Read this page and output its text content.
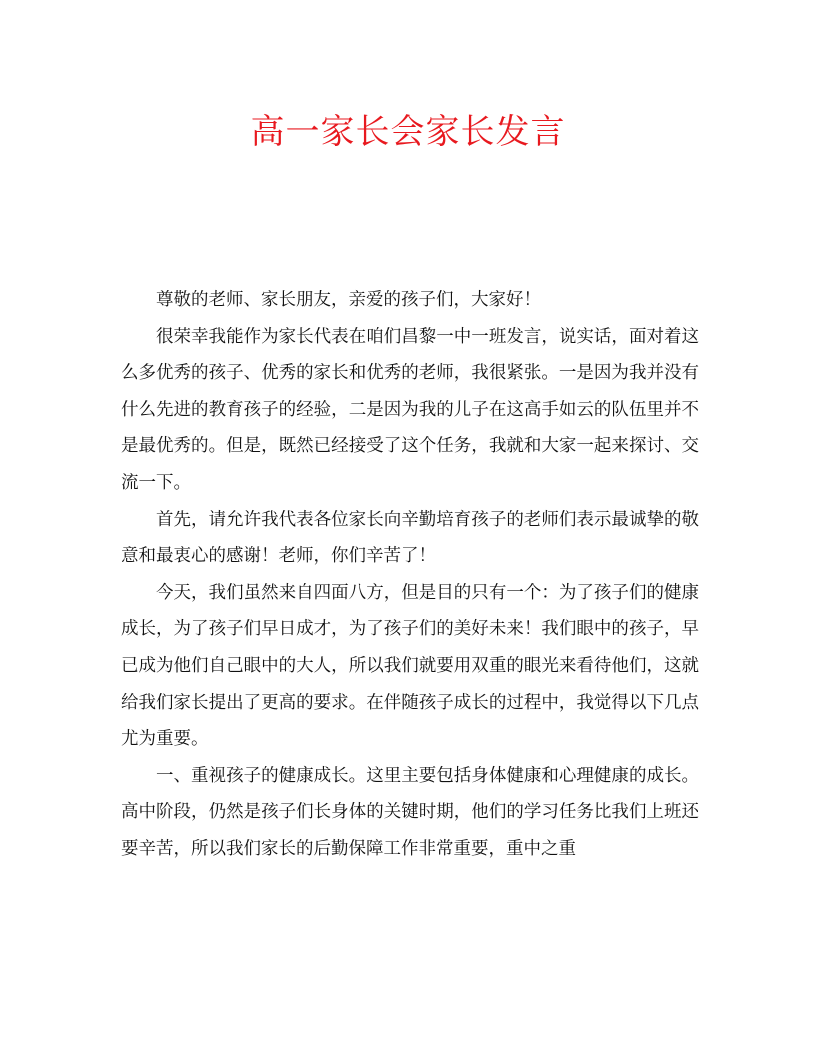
高一家长会家长发言

尊敬的老师、家长朋友，亲爱的孩子们，大家好！

很荣幸我能作为家长代表在咱们昌黎一中一班发言，说实话，面对着这么多优秀的孩子、优秀的家长和优秀的老师，我很紧张。一是因为我并没有什么先进的教育孩子的经验，二是因为我的儿子在这高手如云的队伍里并不是最优秀的。但是，既然已经接受了这个任务，我就和大家一起来探讨、交流一下。

首先，请允许我代表各位家长向辛勤培育孩子的老师们表示最诚挚的敬意和最衷心的感谢！老师，你们辛苦了！

今天，我们虽然来自四面八方，但是目的只有一个：为了孩子们的健康成长，为了孩子们早日成才，为了孩子们的美好未来！我们眼中的孩子，早已成为他们自己眼中的大人，所以我们就要用双重的眼光来看待他们，这就给我们家长提出了更高的要求。在伴随孩子成长的过程中，我觉得以下几点尤为重要。

一、重视孩子的健康成长。这里主要包括身体健康和心理健康的成长。高中阶段，仍然是孩子们长身体的关键时期，他们的学习任务比我们上班还要辛苦，所以我们家长的后勤保障工作非常重要，重中之重
